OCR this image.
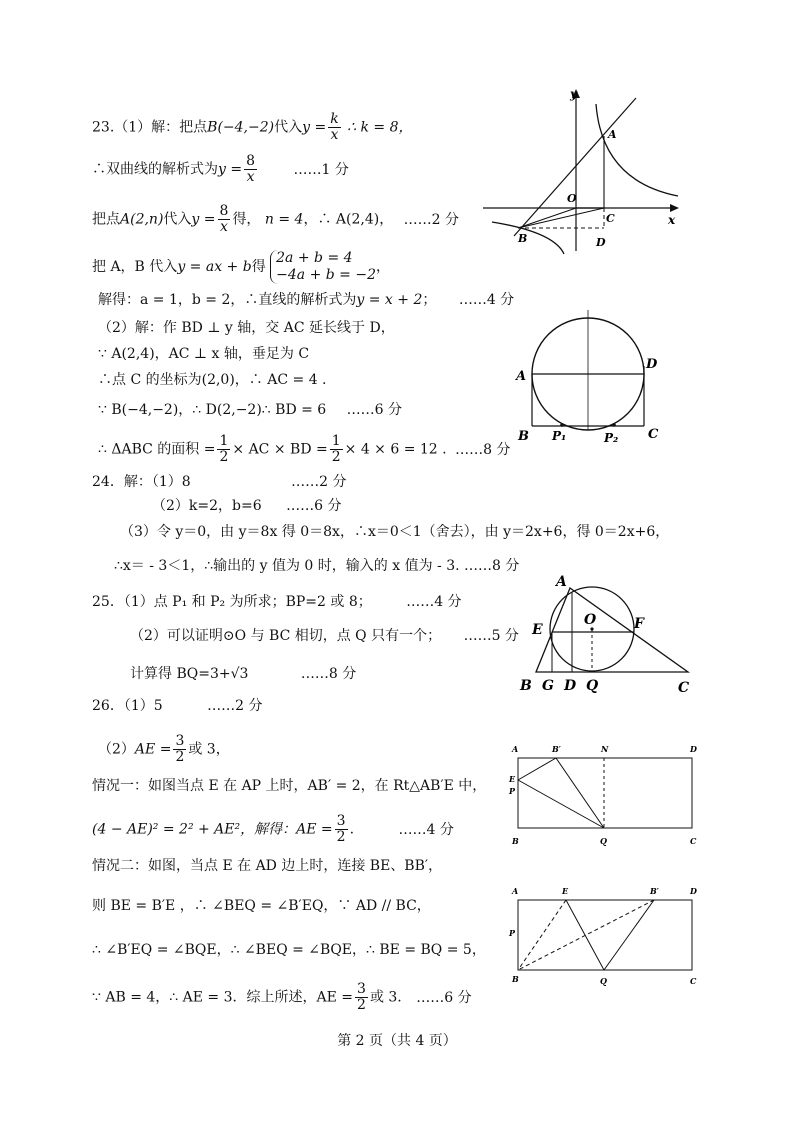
23.（1）解：把点B(−4,−2)代入$y = \frac{k}{x}$ ∴ k = 8，
∴双曲线的解析式为$y = \frac{8}{x}$	……1 分
把点A(2,n)代入$y = \frac{8}{x}$ 得， n = 4，∴ A(2,4)， ……2 分
把 A，B 代入y = ax + b得
2a + b = 4
−4a + b = −2 ，
解得：a = 1，b = 2，∴直线的解析式为y = x + 2； ……4 分
（2）解：作 BD ⊥ y 轴，交 AC 延长线于 D，
∵ A(2,4)，AC ⊥ x 轴，垂足为 C
∴点 C 的坐标为(2,0)，∴ AC = 4 .
∵ B(−4,−2)，∴ D(2,−2)∴ BD = 6 ……6 分
∴ ΔABC 的面积 = $\frac{1}{2}$ × AC × BD = $\frac{1}{2} \times 4 \times 6 = 12$ . ……8 分
24．解：（1）8	……2 分
（2）k=2，b=6 ……6 分
（3）令 y＝0，由 y＝8x 得 0＝8x，∴x＝0＜1（舍去），由 y＝2x+6，得 0＝2x+6，
∴x＝ - 3＜1，∴输出的 y 值为 0 时，输入的 x 值为 - 3. ……8 分
25．（1）点 P₁ 和 P₂ 为所求；BP=2 或 8； ……4 分
（2）可以证明⊙O 与 BC 相切，点 Q 只有一个； ……5 分
计算得 BQ=3+√3	……8 分
26．（1）5	……2 分
$(2)AE = \frac{3}{2}$ 或 3，
情况一：如图当点 E 在 AP 上时，AB′ = 2，在 Rt△AB′E 中，
(4 − AE)² = 2² + AE²，解得：AE = $\frac{3}{2}$ .	……4 分
情况二：如图，当点 E 在 AD 边上时，连接 BE、BB′，
则 BE = B′E ，∴ ∠BEQ = ∠B′EQ，∵ AD // BC，
∴ ∠B′EQ = ∠BQE，∴ ∠BEQ = ∠BQE，∴ BE = BQ = 5，
∵ AB = 4，∴ AE = 3．综上所述，AE = $\frac{3}{2}$ 或 3. ……6 分
y
x
A
O
C
B	D
A
D
B P₁	P₂ C
A
E
O	F
B G D Q	C
A	B′	N	D
E
P
B	Q	C
A	E	B′	D
P
B	Q	C
第 2 页（共 4 页）
